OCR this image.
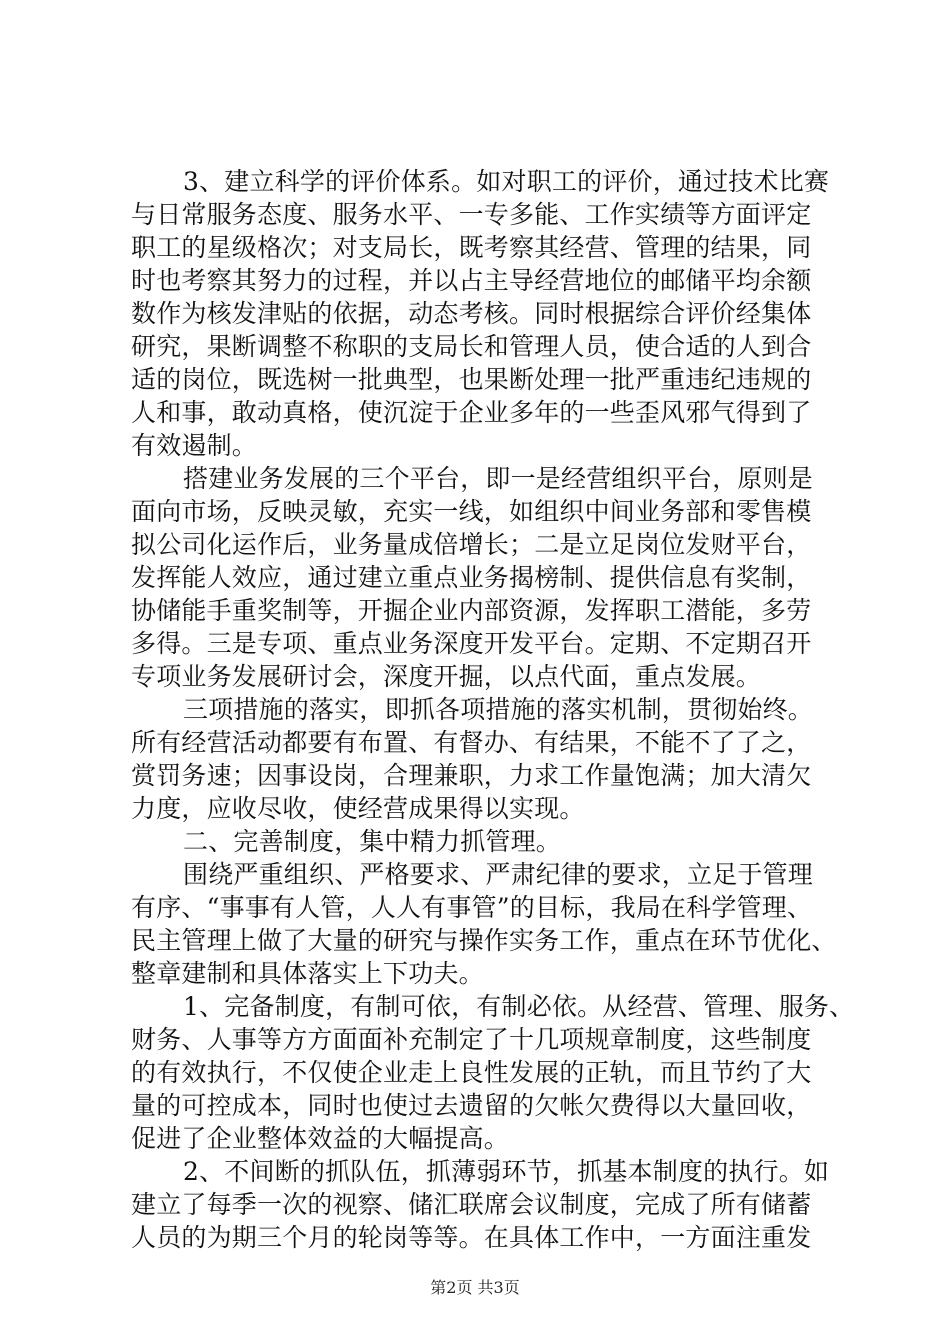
3、建立科学的评价体系。如对职工的评价，通过技术比赛
与日常服务态度、服务水平、一专多能、工作实绩等方面评定
职工的星级格次；对支局长，既考察其经营、管理的结果，同
时也考察其努力的过程，并以占主导经营地位的邮储平均余额
数作为核发津贴的依据，动态考核。同时根据综合评价经集体
研究，果断调整不称职的支局长和管理人员，使合适的人到合
适的岗位，既选树一批典型，也果断处理一批严重违纪违规的
人和事，敢动真格，使沉淀于企业多年的一些歪风邪气得到了
有效遏制。
搭建业务发展的三个平台，即一是经营组织平台，原则是
面向市场，反映灵敏，充实一线，如组织中间业务部和零售模
拟公司化运作后，业务量成倍增长；二是立足岗位发财平台，
发挥能人效应，通过建立重点业务揭榜制、提供信息有奖制，
协储能手重奖制等，开掘企业内部资源，发挥职工潜能，多劳
多得。三是专项、重点业务深度开发平台。定期、不定期召开
专项业务发展研讨会，深度开掘，以点代面，重点发展。
三项措施的落实，即抓各项措施的落实机制，贯彻始终。
所有经营活动都要有布置、有督办、有结果，不能不了了之，
赏罚务速；因事设岗，合理兼职，力求工作量饱满；加大清欠
力度，应收尽收，使经营成果得以实现。
二、完善制度，集中精力抓管理。
围绕严重组织、严格要求、严肃纪律的要求，立足于管理
有序、“事事有人管，人人有事管”的目标，我局在科学管理、
民主管理上做了大量的研究与操作实务工作，重点在环节优化、
整章建制和具体落实上下功夫。
1、完备制度，有制可依，有制必依。从经营、管理、服务、
财务、人事等方方面面补充制定了十几项规章制度，这些制度
的有效执行，不仅使企业走上良性发展的正轨，而且节约了大
量的可控成本，同时也使过去遗留的欠帐欠费得以大量回收，
促进了企业整体效益的大幅提高。
2、不间断的抓队伍，抓薄弱环节，抓基本制度的执行。如
建立了每季一次的视察、储汇联席会议制度，完成了所有储蓄
人员的为期三个月的轮岗等等。在具体工作中，一方面注重发
第2页 共3页
